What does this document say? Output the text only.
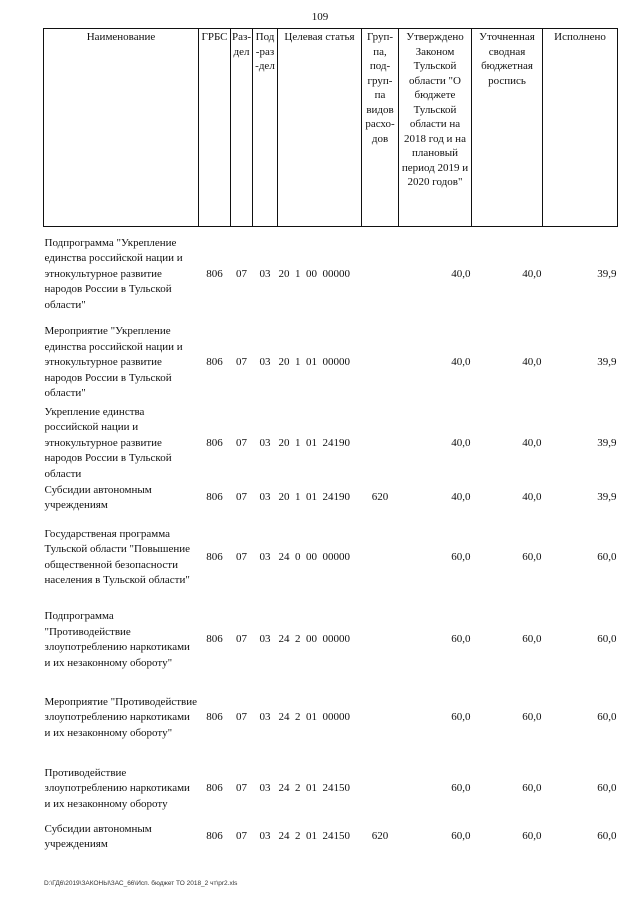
109
Наименование	ГРБС	Раз-дел	Под-раз-дел	Целевая статья	Груп-па, под-груп-па видов расхо-дов	Утверждено Законом Тульской области "О бюджете Тульской области на 2018 год и на плановый период 2019 и 2020 годов"	Уточненная сводная бюджетная роспись	Исполнено
Подпрограмма "Укрепление единства российской нации и этнокультурное развитие народов России в Тульской области"	806	07	03	20  1  00  00000		40,0	40,0	39,9
Мероприятие "Укрепление единства российской нации и этнокультурное развитие народов России в Тульской области"	806	07	03	20  1  01  00000		40,0	40,0	39,9
Укрепление единства российской нации и этнокультурное развитие народов России в Тульской области	806	07	03	20  1  01  24190		40,0	40,0	39,9
Субсидии автономным учреждениям	806	07	03	20  1  01  24190	620	40,0	40,0	39,9
Государственая программа Тульской области "Повышение общественной безопасности населения в Тульской области"	806	07	03	24  0  00  00000		60,0	60,0	60,0
Подпрограмма "Противодействие злоупотреблению наркотиками и их незаконному обороту"	806	07	03	24  2  00  00000		60,0	60,0	60,0
Мероприятие "Противодействие злоупотреблению наркотиками и их незаконному обороту"	806	07	03	24  2  01  00000		60,0	60,0	60,0
Противодействие злоупотреблению наркотиками и их незаконному обороту	806	07	03	24  2  01  24150		60,0	60,0	60,0
Субсидии автономным учреждениям	806	07	03	24  2  01  24150	620	60,0	60,0	60,0
D:\ГД6\2019\ЗАКОНЫ\ЗАС_66\Исп. бюджет ТО 2018_2 чт\pr2.xls
